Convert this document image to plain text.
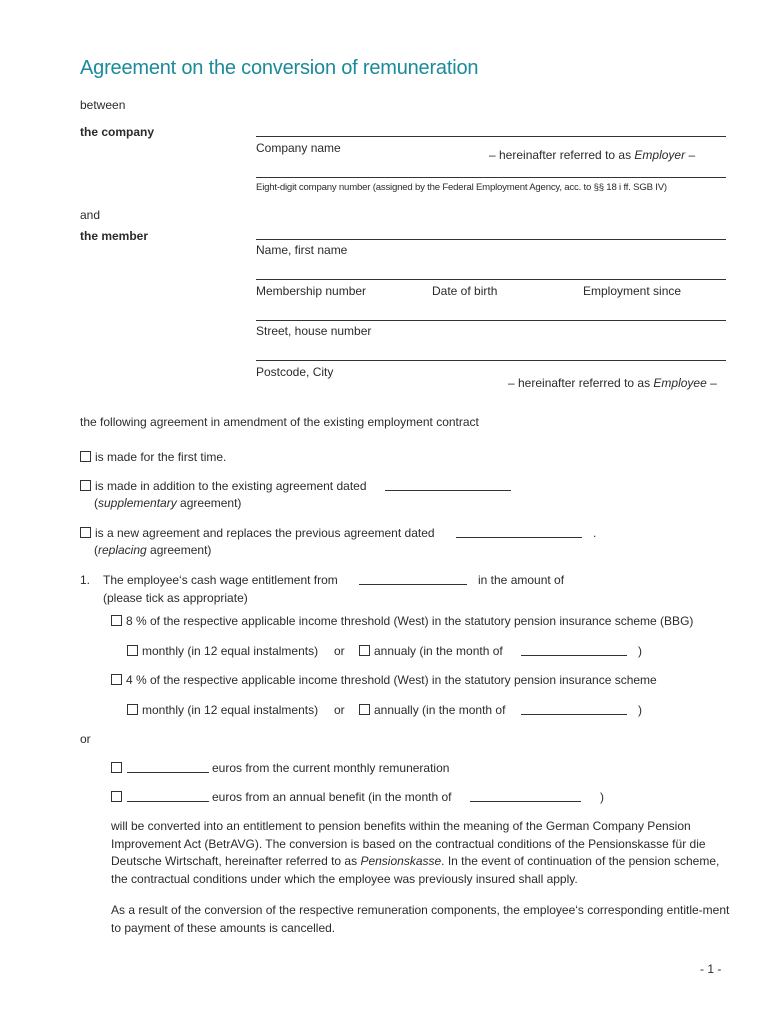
Agreement on the conversion of remuneration
between
the company
Company name	– hereinafter referred to as Employer –
Eight-digit company number (assigned by the Federal Employment Agency, acc. to §§ 18 i ff. SGB IV)
and
the member
Name, first name
Membership number	Date of birth	Employment since
Street, house number
Postcode, City
– hereinafter referred to as Employee –
the following agreement in amendment of the existing employment contract
is made for the first time.
is made in addition to the existing agreement dated
(supplementary agreement)
is a new agreement and replaces the previous agreement dated	.
(replacing agreement)
1. The employee‘s cash wage entitlement from	in the amount of
(please tick as appropriate)
8 % of the respective applicable income threshold (West) in the statutory pension insurance scheme (BBG)
monthly (in 12 equal instalments) or	annualy (in the month of	)
4 % of the respective applicable income threshold (West) in the statutory pension insurance scheme
monthly (in 12 equal instalments) or	annually (in the month of	)
or
euros from the current monthly remuneration
euros from an annual benefit (in the month of	)
will be converted into an entitlement to pension benefits within the meaning of the German Company Pension Improvement Act (BetrAVG). The conversion is based on the contractual conditions of the Pensionskasse für die Deutsche Wirtschaft, hereinafter referred to as Pensionskasse. In the event of continuation of the pension scheme, the contractual conditions under which the employee was previously insured shall apply.
As a result of the conversion of the respective remuneration components, the employee‘s corresponding entitle-ment to payment of these amounts is cancelled.
- 1 -
